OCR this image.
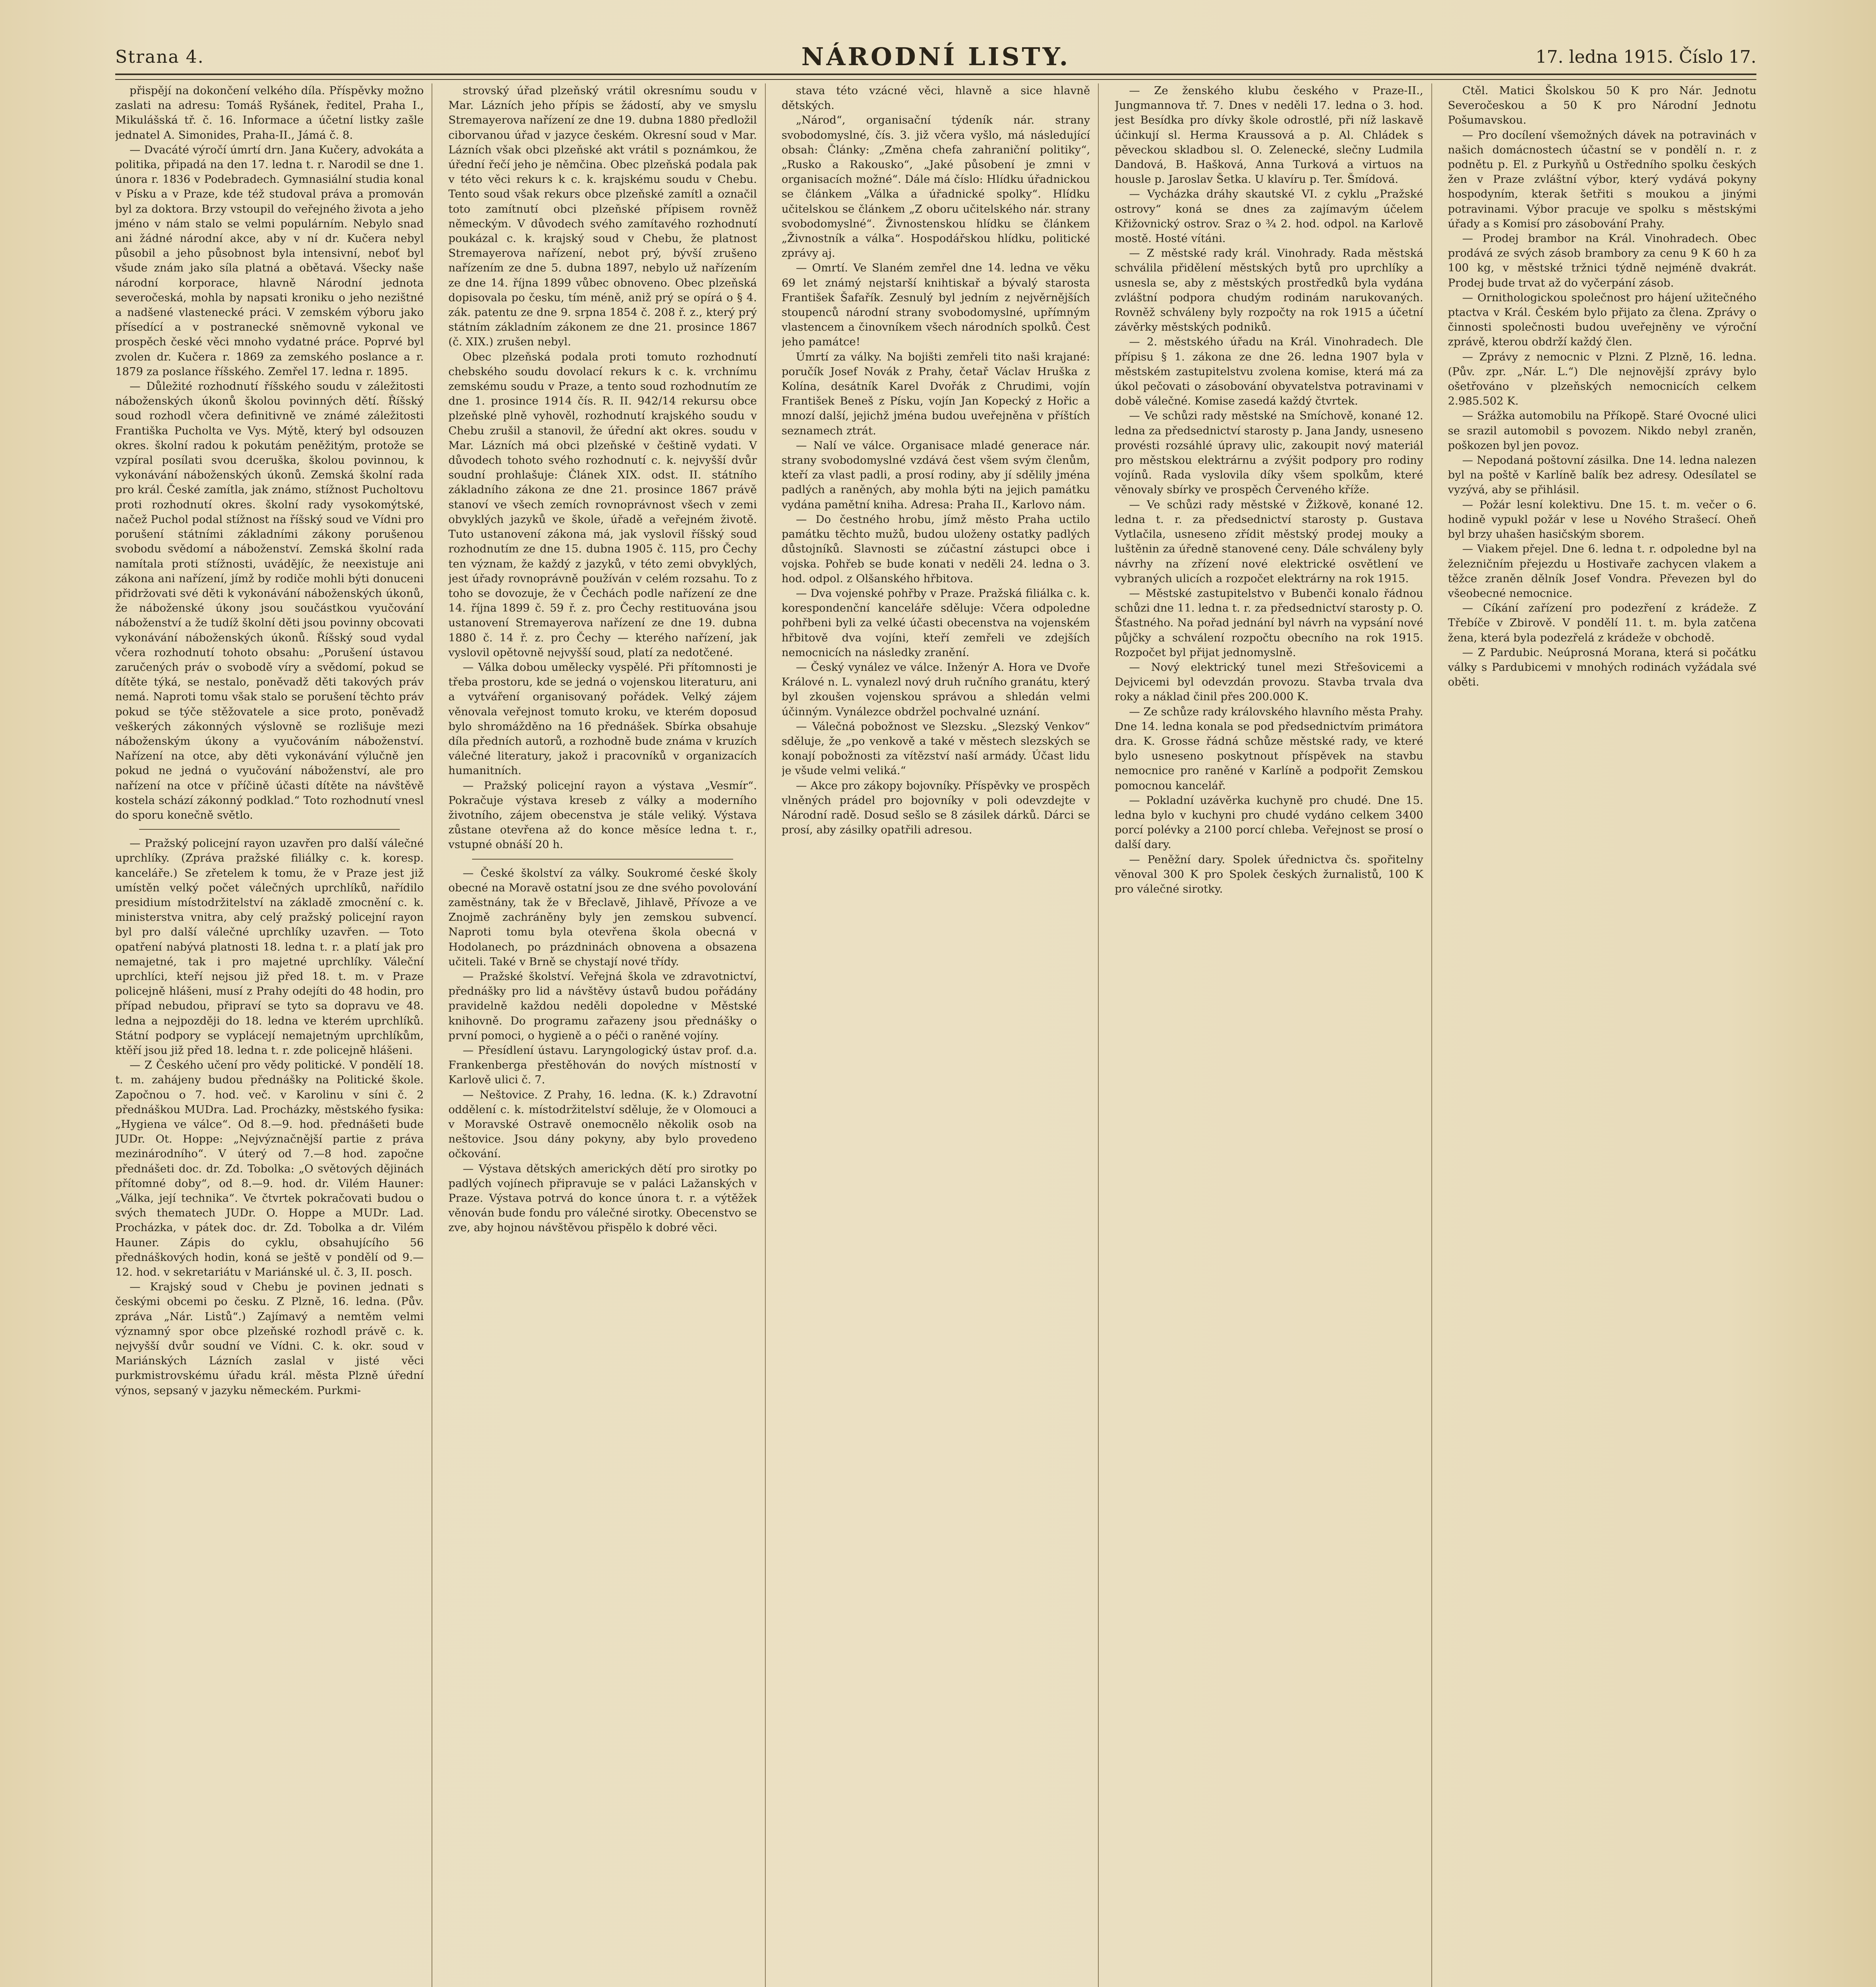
Strana 4.	NÁRODNÍ LISTY.	17. ledna 1915. Číslo 17.

přispějí na dokončení velkého díla. Příspěvky možno zaslati na adresu: Tomáš Ryšánek, ředitel, Praha I., Mikulášská tř. č. 16. Informace a účetní listky zašle jednatel A. Simonides, Praha-II., Jámá č. 8.

— Dvacáté výročí úmrtí drn. Jana Kučery, advokáta a politika, připadá na den 17. ledna t. r. Narodil se dne 1. února r. 1836 v Podebradech. Gymnasiální studia konal v Písku a v Praze, kde též studoval práva a promován byl za doktora. Brzy vstoupil do veřejného života a jeho jméno v nám stalo se velmi populárním. Nebylo snad ani žádné národní akce, aby v ní dr. Kučera nebyl působil a jeho působnost byla intensivní, neboť byl všude znám jako síla platná a obětavá. Všecky naše národní korporace, hlavně Národní jednota severočeská, mohla by napsati kroniku o jeho nezištné a nadšené vlastenecké práci. V zemském výboru jako přísedící a v postranecké sněmovně vykonal ve prospěch české věci mnoho vydatné práce. Poprvé byl zvolen dr. Kučera r. 1869 za zemského poslance a r. 1879 za poslance říšského. Zemřel 17. ledna r. 1895.

— Důležité rozhodnutí říšského soudu v záležitosti náboženských úkonů školou povinných dětí. Říšský soud rozhodl včera definitivně ve známé záležitosti Františka Pucholta ve Vys. Mýtě, který byl odsouzen okres. školní radou k pokutám peněžitým, protože se vzpíral posílati svou dceruška, školou povinnou, k vykonávání náboženských úkonů. Zemská školní rada pro král. České zamítla, jak známo, stížnost Pucholtovu proti rozhodnutí okres. školní rady vysokomýtské, načež Puchol podal stížnost na říšský soud ve Vídni pro porušení státními základními zákony porušenou svobodu svědomí a náboženství. Zemská školní rada namítala proti stížnosti, uvádějíc, že neexistuje ani zákona ani nařízení, jímž by rodiče mohli býti donuceni přidržovati své děti k vykonávání náboženských úkonů, že náboženské úkony jsou součástkou vyučování náboženství a že tudíž školní děti jsou povinny obcovati vykonávání náboženských úkonů. Říšský soud vydal včera rozhodnutí tohoto obsahu: „Porušení ústavou zaručených práv o svobodě víry a svědomí, pokud se dítěte týká, se nestalo, poněvadž děti takových práv nemá. Naproti tomu však stalo se porušení těchto práv pokud se týče stěžovatele a sice proto, poněvadž veškerých zákonných výslovně se rozlišuje mezi náboženským úkony a vyučováním náboženství. Nařízení na otce, aby děti vykonávání výlučně jen pokud ne jedná o vyučování náboženství, ale pro nařízení na otce v příčině účasti dítěte na návštěvě kostela schází zákonný podklad.“ Toto rozhodnutí vnesl do sporu konečně světlo.

— Pražský policejní rayon uzavřen pro další válečné uprchlíky. (Zpráva pražské filiálky c. k. koresp. kanceláře.) Se zřetelem k tomu, že v Praze jest již umístěn velký počet válečných uprchlíků, nařídilo presidium místodržitelství na základě zmocnění c. k. ministerstva vnitra, aby celý pražský policejní rayon byl pro další válečné uprchlíky uzavřen. — Toto opatření nabývá platnosti 18. ledna t. r. a platí jak pro nemajetné, tak i pro majetné uprchlíky. Váleční uprchlíci, kteří nejsou již před 18. t. m. v Praze policejně hlášeni, musí z Prahy odejíti do 48 hodin, pro případ nebudou, připraví se tyto sa dopravu ve 48. ledna a nejpozději do 18. ledna ve kterém uprchlíků. Státní podpory se vyplácejí nemajetným uprchlíkům, ktěří jsou již před 18. ledna t. r. zde policejně hlášeni.

— Z Českého učení pro vědy politické. V pondělí 18. t. m. zahájeny budou přednášky na Politické škole. Započnou o 7. hod. več. v Karolinu v síni č. 2 přednáškou MUDra. Lad. Procházky, městského fysika: „Hygiena ve válce“. Od 8.—9. hod. přednášeti bude JUDr. Ot. Hoppe: „Nejvýznačnější partie z práva mezinárodního“. V úterý od 7.—8 hod. započne přednášeti doc. dr. Zd. Tobolka: „O světových dějinách přítomné doby“, od 8.—9. hod. dr. Vilém Hauner: „Válka, její technika“. Ve čtvrtek pokračovati budou o svých thematech JUDr. O. Hoppe a MUDr. Lad. Procházka, v pátek doc. dr. Zd. Tobolka a dr. Vilém Hauner. Zápis do cyklu, obsahujícího 56 přednáškových hodin, koná se ještě v pondělí od 9.—12. hod. v sekretariátu v Mariánské ul. č. 3, II. posch.

— Krajský soud v Chebu je povinen jednati s českými obcemi po česku. Z Plzně, 16. ledna. (Pův. zpráva „Nár. Listů“.) Zajímavý a nemtěm velmi významný spor obce plzeňské rozhodl právě c. k. nejvyšší dvůr soudní ve Vídni. C. k. okr. soud v Mariánských Lázních zaslal v jisté věci purkmistrovskému úřadu král. města Plzně úřední výnos, sepsaný v jazyku německém. Purkmi-

strovský úřad plzeňský vrátil okresnímu soudu v Mar. Lázních jeho přípis se žádostí, aby ve smyslu Stremayerova nařízení ze dne 19. dubna 1880 předložil ciborvanou úřad v jazyce českém. Okresní soud v Mar. Lázních však obci plzeňské akt vrátil s poznámkou, že úřední řečí jeho je němčina. Obec plzeňská podala pak v této věci rekurs k c. k. krajskému soudu v Chebu. Tento soud však rekurs obce plzeňské zamítl a označil toto zamítnutí obci plzeňské přípisem rovněž německým. V důvodech svého zamítavého rozhodnutí poukázal c. k. krajský soud v Chebu, že platnost Stremayerova nařízení, nebot prý, bývší zrušeno nařízením ze dne 5. dubna 1897, nebylo už nařízením ze dne 14. října 1899 vůbec obnoveno. Obec plzeňská dopisovala po česku, tím méně, aniž prý se opírá o § 4. zák. patentu ze dne 9. srpna 1854 č. 208 ř. z., který prý státním základním zákonem ze dne 21. prosince 1867 (č. XIX.) zrušen nebyl.

Obec plzeňská podala proti tomuto rozhodnutí chebského soudu dovolací rekurs k c. k. vrchnímu zemskému soudu v Praze, a tento soud rozhodnutím ze dne 1. prosince 1914 čís. R. II. 942/14 rekursu obce plzeňské plně vyhověl, rozhodnutí krajského soudu v Chebu zrušil a stanovil, že úřední akt okres. soudu v Mar. Lázních má obci plzeňské v češtině vydati. V důvodech tohoto svého rozhodnutí c. k. nejvyšší dvůr soudní prohlašuje: Článek XIX. odst. II. státního základního zákona ze dne 21. prosince 1867 právě stanoví ve všech zemích rovnoprávnost všech v zemi obvyklých jazyků ve škole, úřadě a veřejném životě. Tuto ustanovení zákona má, jak vyslovil říšský soud rozhodnutím ze dne 15. dubna 1905 č. 115, pro Čechy ten význam, že každý z jazyků, v této zemi obvyklých, jest úřady rovnoprávně používán v celém rozsahu. To z toho se dovozuje, že v Čechách podle nařízení ze dne 14. října 1899 č. 59 ř. z. pro Čechy restituována jsou ustanovení Stremayerova nařízení ze dne 19. dubna 1880 č. 14 ř. z. pro Čechy — kterého nařízení, jak vyslovil opětovně nejvyšší soud, platí za nedotčené.

— Válka dobou umělecky vyspělé. Při přítomnosti je třeba prostoru, kde se jedná o vojenskou literaturu, ani a vytváření organisovaný pořádek. Velký zájem věnovala veřejnost tomuto kroku, ve kterém doposud bylo shromážděno na 16 přednášek. Sbírka obsahuje díla předních autorů, a rozhodně bude známa v kruzích válečné literatury, jakož i pracovníků v organizacích humanitních.

— Pražský policejní rayon a výstava „Vesmír“. Pokračuje výstava kreseb z války a moderního životního, zájem obecenstva je stále veliký. Výstava zůstane otevřena až do konce měsíce ledna t. r., vstupné obnáší 20 h.

— České školství za války. Soukromé české školy obecné na Moravě ostatní jsou ze dne svého povolování zaměstnány, tak že v Břeclavě, Jihlavě, Přívoze a ve Znojmě zachráněny byly jen zemskou subvencí. Naproti tomu byla otevřena škola obecná v Hodolanech, po prázdninách obnovena a obsazena učiteli. Také v Brně se chystají nové třídy.

— Pražské školství. Veřejná škola ve zdravotnictví, přednášky pro lid a návštěvy ústavů budou pořádány pravidelně každou neděli dopoledne v Městské knihovně. Do programu zařazeny jsou přednášky o první pomoci, o hygieně a o péči o raněné vojíny.

— Přesídlení ústavu. Laryngologický ústav prof. d.a. Frankenberga přestěhován do nových místností v Karlově ulici č. 7.

— Neštovice. Z Prahy, 16. ledna. (K. k.) Zdravotní oddělení c. k. místodržitelství sděluje, že v Olomouci a v Moravské Ostravě onemocnělo několik osob na neštovice. Jsou dány pokyny, aby bylo provedeno očkování.

— Výstava dětských amerických dětí pro sirotky po padlých vojínech připravuje se v paláci Lažanských v Praze. Výstava potrvá do konce února t. r. a výtěžek věnován bude fondu pro válečné sirotky. Obecenstvo se zve, aby hojnou návštěvou přispělo k dobré věci.

stava této vzácné věci, hlavně a sice hlavně dětských.

„Národ“, organisační týdeník nár. strany svobodomyslné, čís. 3. již včera vyšlo, má následující obsah: Články: „Změna chefa zahraniční politiky“, „Rusko a Rakousko“, „Jaké působení je zmni v organisacích možné“. Dále má číslo: Hlídku úřadnickou se článkem „Válka a úřadnické spolky“. Hlídku učitelskou se článkem „Z oboru učitelského nár. strany svobodomyslné“. Živnostenskou hlídku se článkem „Živnostník a válka“. Hospodářskou hlídku, politické zprávy aj.

— Omrtí. Ve Slaném zemřel dne 14. ledna ve věku 69 let známý nejstarší knihtiskař a bývalý starosta František Šafařík. Zesnulý byl jedním z nejvěrnějších stoupenců národní strany svobodomyslné, upřímným vlastencem a činovníkem všech národních spolků. Čest jeho památce!

Úmrtí za války. Na bojišti zemřeli tito naši krajané: poručík Josef Novák z Prahy, četař Václav Hruška z Kolína, desátník Karel Dvořák z Chrudimi, vojín František Beneš z Písku, vojín Jan Kopecký z Hořic a mnozí další, jejichž jména budou uveřejněna v příštích seznamech ztrát.

— Nalí ve válce. Organisace mladé generace nár. strany svobodomyslné vzdává čest všem svým členům, kteří za vlast padli, a prosí rodiny, aby jí sdělily jména padlých a raněných, aby mohla býti na jejich památku vydána pamětní kniha. Adresa: Praha II., Karlovo nám.

— Do čestného hrobu, jímž město Praha uctilo památku těchto mužů, budou uloženy ostatky padlých důstojníků. Slavnosti se zúčastní zástupci obce i vojska. Pohřeb se bude konati v neděli 24. ledna o 3. hod. odpol. z Olšanského hřbitova.

— Dva vojenské pohřby v Praze. Pražská filiálka c. k. korespondenční kanceláře sděluje: Včera odpoledne pohřbeni byli za velké účasti obecenstva na vojenském hřbitově dva vojíni, kteří zemřeli ve zdejších nemocnicích na následky zranění.

— Český vynález ve válce. Inženýr A. Hora ve Dvoře Králové n. L. vynalezl nový druh ručního granátu, který byl zkoušen vojenskou správou a shledán velmi účinným. Vynálezce obdržel pochvalné uznání.

— Válečná pobožnost ve Slezsku. „Slezský Venkov“ sděluje, že „po venkově a také v městech slezských se konají pobožnosti za vítězství naší armády. Účast lidu je všude velmi veliká.“

— Akce pro zákopy bojovníky. Příspěvky ve prospěch vlněných prádel pro bojovníky v poli odevzdejte v Národní radě. Dosud sešlo se 8 zásilek dárků. Dárci se prosí, aby zásilky opatřili adresou.

— Ze ženského klubu českého v Praze-II., Jungmannova tř. 7. Dnes v neděli 17. ledna o 3. hod. jest Besídka pro dívky škole odrostlé, při níž laskavě účinkují sl. Herma Kraussová a p. Al. Chládek s pěveckou skladbou sl. O. Zelenecké, slečny Ludmila Dandová, B. Hašková, Anna Turková a virtuos na housle p. Jaroslav Šetka. U klavíru p. Ter. Šmídová.

— Vycházka dráhy skautské VI. z cyklu „Pražské ostrovy“ koná se dnes za zajímavým účelem Křižovnický ostrov. Sraz o ¾ 2. hod. odpol. na Karlově mostě. Hosté vítáni.

— Z městské rady král. Vinohrady. Rada městská schválila přidělení městských bytů pro uprchlíky a usnesla se, aby z městských prostředků byla vydána zvláštní podpora chudým rodinám narukovaných. Rovněž schváleny byly rozpočty na rok 1915 a účetní závěrky městských podniků.

— 2. městského úřadu na Král. Vinohradech. Dle přípisu § 1. zákona ze dne 26. ledna 1907 byla v městském zastupitelstvu zvolena komise, která má za úkol pečovati o zásobování obyvatelstva potravinami v době válečné. Komise zasedá každý čtvrtek.

— Ve schůzi rady městské na Smíchově, konané 12. ledna za předsednictví starosty p. Jana Jandy, usneseno provésti rozsáhlé úpravy ulic, zakoupit nový materiál pro městskou elektrárnu a zvýšit podpory pro rodiny vojínů. Rada vyslovila díky všem spolkům, které věnovaly sbírky ve prospěch Červeného kříže.

— Ve schůzi rady městské v Žižkově, konané 12. ledna t. r. za předsednictví starosty p. Gustava Vytlačila, usneseno zřídit městský prodej mouky a luštěnin za úředně stanovené ceny. Dále schváleny byly návrhy na zřízení nové elektrické osvětlení ve vybraných ulicích a rozpočet elektrárny na rok 1915.

— Městské zastupitelstvo v Bubenči konalo řádnou schůzi dne 11. ledna t. r. za předsednictví starosty p. O. Šťastného. Na pořad jednání byl návrh na vypsání nové půjčky a schválení rozpočtu obecního na rok 1915. Rozpočet byl přijat jednomyslně.

— Nový elektrický tunel mezi Střešovicemi a Dejvicemi byl odevzdán provozu. Stavba trvala dva roky a náklad činil přes 200.000 K.

— Ze schůze rady královského hlavního města Prahy. Dne 14. ledna konala se pod předsednictvím primátora dra. K. Grosse řádná schůze městské rady, ve které bylo usneseno poskytnout příspěvek na stavbu nemocnice pro raněné v Karlíně a podpořit Zemskou pomocnou kancelář.

— Pokladní uzávěrka kuchyně pro chudé. Dne 15. ledna bylo v kuchyni pro chudé vydáno celkem 3400 porcí polévky a 2100 porcí chleba. Veřejnost se prosí o další dary.

— Peněžní dary. Spolek úřednictva čs. spořitelny věnoval 300 K pro Spolek českých žurnalistů, 100 K pro válečné sirotky.

Ctěl. Matici Školskou 50 K pro Nár. Jednotu Severočeskou a 50 K pro Národní Jednotu Pošumavskou.

— Pro docílení všemožných dávek na potravinách v našich domácnostech účastní se v pondělí n. r. z podnětu p. El. z Purkyňů u Ostředního spolku českých žen v Praze zvláštní výbor, který vydává pokyny hospodyním, kterak šetřiti s moukou a jinými potravinami. Výbor pracuje ve spolku s městskými úřady a s Komisí pro zásobování Prahy.

— Prodej brambor na Král. Vinohradech. Obec prodává ze svých zásob brambory za cenu 9 K 60 h za 100 kg, v městské tržnici týdně nejméně dvakrát. Prodej bude trvat až do vyčerpání zásob.

— Ornithologickou společnost pro hájení užitečného ptactva v Král. Českém bylo přijato za člena. Zprávy o činnosti společnosti budou uveřejněny ve výroční zprávě, kterou obdrží každý člen.

— Zprávy z nemocnic v Plzni. Z Plzně, 16. ledna. (Pův. zpr. „Nár. L.“) Dle nejnovější zprávy bylo ošetřováno v plzeňských nemocnicích celkem 2.985.502 K.

— Srážka automobilu na Příkopě. Staré Ovocné ulici se srazil automobil s povozem. Nikdo nebyl zraněn, poškozen byl jen povoz.

— Nepodaná poštovní zásilka. Dne 14. ledna nalezen byl na poště v Karlíně balík bez adresy. Odesílatel se vyzývá, aby se přihlásil.

— Požár lesní kolektivu. Dne 15. t. m. večer o 6. hodině vypukl požár v lese u Nového Strašecí. Oheň byl brzy uhašen hasičským sborem.

— Viakem přejel. Dne 6. ledna t. r. odpoledne byl na železničním přejezdu u Hostivaře zachycen vlakem a těžce zraněn dělník Josef Vondra. Převezen byl do všeobecné nemocnice.

— Cíkání zařízení pro podezření z krádeže. Z Třebíče v Zbirově. V pondělí 11. t. m. byla zatčena žena, která byla podezřelá z krádeže v obchodě.

— Z Pardubic. Neúprosná Morana, která si počátku války s Pardubicemi v mnohých rodinách vyžádala své oběti.
